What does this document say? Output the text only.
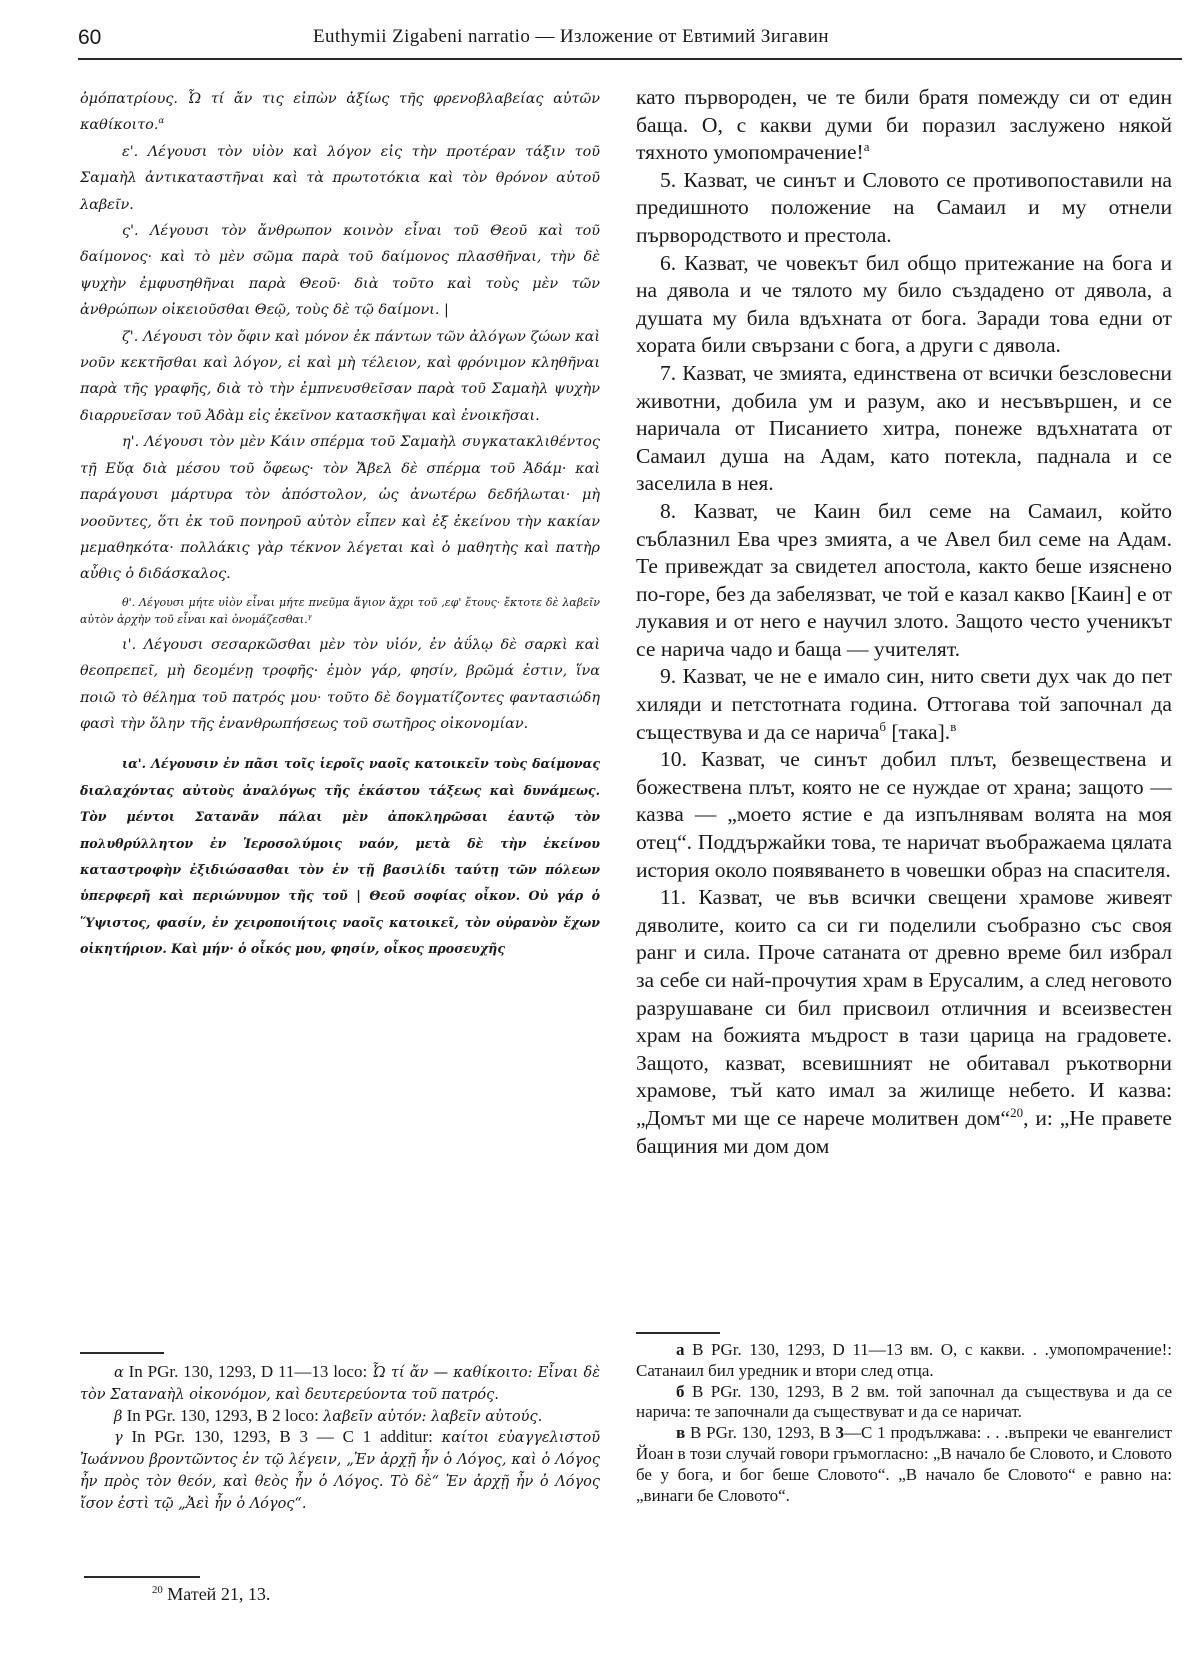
60	Euthymii Zigabeni narratio — Изложение от Евтимий Зигавин

ὁμόπατρίους. Ὦ τί ἄν τις εἰπὼν ἀξίως τῆς φρενοβλαβείας αὐτῶν καθίκοιτο.$^\alpha$

ε'. Λέγουσι τὸν υἱὸν καὶ λόγον εἰς τὴν προτέραν τάξιν τοῦ Σαμαὴλ ἀντικαταστῆναι καὶ τὰ πρωτοτόκια καὶ τὸν θρόνον αὐτοῦ λαβεῖν.

ς'. Λέγουσι τὸν ἄνθρωπον κοινὸν εἶναι τοῦ Θεοῦ καὶ τοῦ δαίμονος· καὶ τὸ μὲν σῶμα παρὰ τοῦ δαίμονος πλασθῆναι, τὴν δὲ ψυχὴν ἐμφυσηθῆναι παρὰ Θεοῦ· διὰ τοῦτο καὶ τοὺς μὲν τῶν ἀνθρώπων οἰκειοῦσθαι Θεῷ, τοὺς δὲ τῷ δαίμονι. |

ζ'. Λέγουσι τὸν ὄφιν καὶ μόνον ἐκ πάντων τῶν ἀλόγων ζώων καὶ νοῦν κεκτῆσθαι καὶ λόγον, εἰ καὶ μὴ τέλειον, καὶ φρόνιμον κληθῆναι παρὰ τῆς γραφῆς, διὰ τὸ τὴν ἐμπνευσθεῖσαν παρὰ τοῦ Σαμαὴλ ψυχὴν διαρρυεῖσαν τοῦ Ἀδὰμ εἰς ἐκεῖνον κατασκῆψαι καὶ ἐνοικῆσαι.

η'. Λέγουσι τὸν μὲν Κάιν σπέρμα τοῦ Σαμαὴλ συγκατακλιθέντος τῇ Εὔᾳ διὰ μέσου τοῦ ὄφεως· τὸν Ἄβελ δὲ σπέρμα τοῦ Ἀδάμ· καὶ παράγουσι μάρτυρα τὸν ἀπόστολον, ὡς ἀνωτέρω δεδήλωται· μὴ νοοῦντες, ὅτι ἐκ τοῦ πονηροῦ αὐτὸν εἶπεν καὶ ἐξ ἐκείνου τὴν κακίαν μεμαθηκότα· πολλάκις γὰρ τέκνον λέγεται καὶ ὁ μαθητὴς καὶ πατὴρ αὖθις ὁ διδάσκαλος.

θ'. Λέγουσι μήτε υἱὸν εἶναι μήτε πνεῦμα ἅγιον ἄχρι τοῦ ‚εφ' ἔτους· ἔκτοτε δὲ λαβεῖν αὐτὸν ἀρχὴν τοῦ εἶναι καὶ ὀνομάζεσθαι.$^\gamma$

ι'. Λέγουσι σεσαρκῶσθαι μὲν τὸν υἱόν, ἐν ἀΰλῳ δὲ σαρκὶ καὶ θεοπρεπεῖ, μὴ δεομένῃ τροφῆς· ἐμὸν γάρ, φησίν, βρῶμά ἐστιν, ἵνα ποιῶ τὸ θέλημα τοῦ πατρός μου· τοῦτο δὲ δογματίζοντες φαντασιώδη φασὶ τὴν ὅλην τῆς ἐνανθρωπήσεως τοῦ σωτῆρος οἰκονομίαν.

ια'. Λέγουσιν ἐν πᾶσι τοῖς ἱεροῖς ναοῖς κατοικεῖν τοὺς δαίμονας διαλαχόντας αὐτοὺς ἀναλόγως τῆς ἑκάστου τάξεως καὶ δυνάμεως. Τὸν μέντοι Σατανᾶν πάλαι μὲν ἀποκληρῶσαι ἑαυτῷ τὸν πολυθρύλλητον ἐν Ἱεροσολύμοις ναόν, μετὰ δὲ τὴν ἐκείνου καταστροφὴν ἐξιδιώσασθαι τὸν ἐν τῇ βασιλίδι ταύτῃ τῶν πόλεων ὑπερφερῆ καὶ περιώνυμον τῆς τοῦ | Θεοῦ σοφίας οἶκον. Οὐ γάρ ὁ Ὕψιστος, φασίν, ἐν χειροποιήτοις ναοῖς κατοικεῖ, τὸν οὐρανὸν ἔχων οἰκητήριον. Καὶ μήν· ὁ οἶκός μου, φησίν, οἶκος προσευχῆς

като първороден, че те били братя помежду си от един баща. О, с какви думи би поразил заслужено някой тяхното умопомрачение!$^а$

5. Казват, че синът и Словото се противопоставили на предишното положение на Самаил и му отнели първородството и престола.

6. Казват, че човекът бил общо притежание на бога и на дявола и че тялото му било създадено от дявола, а душата му била вдъхната от бога. Заради това едни от хората били свързани с бога, а други с дявола.

7. Казват, че змията, единствена от всички безсловесни животни, добила ум и разум, ако и несъвършен, и се наричала от Писанието хитра, понеже вдъхнатата от Самаил душа на Адам, като потекла, паднала и се заселила в нея.

8. Казват, че Каин бил семе на Самаил, който съблазнил Ева чрез змията, а че Авел бил семе на Адам. Те привеждат за свидетел апостола, както беше изяснено по-горе, без да забелязват, че той е казал какво [Каин] е от лукавия и от него е научил злото. Защото често ученикът се нарича чадо и баща — учителят.

9. Казват, че не е имало син, нито свети дух чак до пет хиляди и петстотната година. Оттогава той започнал да съществува и да се нарича$^б$ [така].$^в$

10. Казват, че синът добил плът, безвеществена и божествена плът, която не се нуждае от храна; защото — казва — „моето ястие е да изпълнявам волята на моя отец“. Поддържайки това, те наричат въображаема цялата история около появяването в човешки образ на спасителя.

11. Казват, че във всички свещени храмове живеят дяволите, които са си ги поделили съобразно със своя ранг и сила. Проче сатаната от древно време бил избрал за себе си най-прочутия храм в Ерусалим, а след неговото разрушаване си бил присвоил отличния и всеизвестен храм на божията мъдрост в тази царица на градовете. Защото, казват, всевишният не обитавал ръкотворни храмове, тъй като имал за жилище небето. И казва: „Домът ми ще се нарече молитвен дом“$^{20}$, и: „Не правете бащиния ми дом дом

α In PGr. 130, 1293, D 11—13 loco: Ὦ τί ἄν — καθίκοιτο: Εἶναι δὲ τὸν Σαταναὴλ οἰκονόμον, καὶ δευτερεύοντα τοῦ πατρός.

β In PGr. 130, 1293, B 2 loco: λαβεῖν αὐτόν: λαβεῖν αὐτούς.

γ In PGr. 130, 1293, B 3 — C 1 additur: καίτοι εὐαγγελιστοῦ Ἰωάννου βροντῶντος ἐν τῷ λέγειν, „Ἐν ἀρχῇ ἦν ὁ Λόγος, καὶ ὁ Λόγος ἦν πρὸς τὸν θεόν, καὶ θεὸς ἦν ὁ Λόγος. Τὸ δὲ“ Ἐν ἀρχῇ ἦν ὁ Λόγος ἴσον ἐστὶ τῷ „Ἀεὶ ἦν ὁ Λόγος“.

$^{20}$ Матей 21, 13.

а В PGr. 130, 1293, D 11—13 вм. О, с какви. . .умопомрачение!: Сатанаил бил уредник и втори след отца.

б В PGr. 130, 1293, В 2 вм. той започнал да съществува и да се нарича: те започнали да съществуват и да се наричат.

в В PGr. 130, 1293, В 3—С 1 продължава: . . .въпреки че евангелист Йоан в този случай говори гръмогласно: „В начало бе Словото, и Словото бе у бога, и бог беше Словото“. „В начало бе Словото“ е равно на: „винаги бе Словото“.
